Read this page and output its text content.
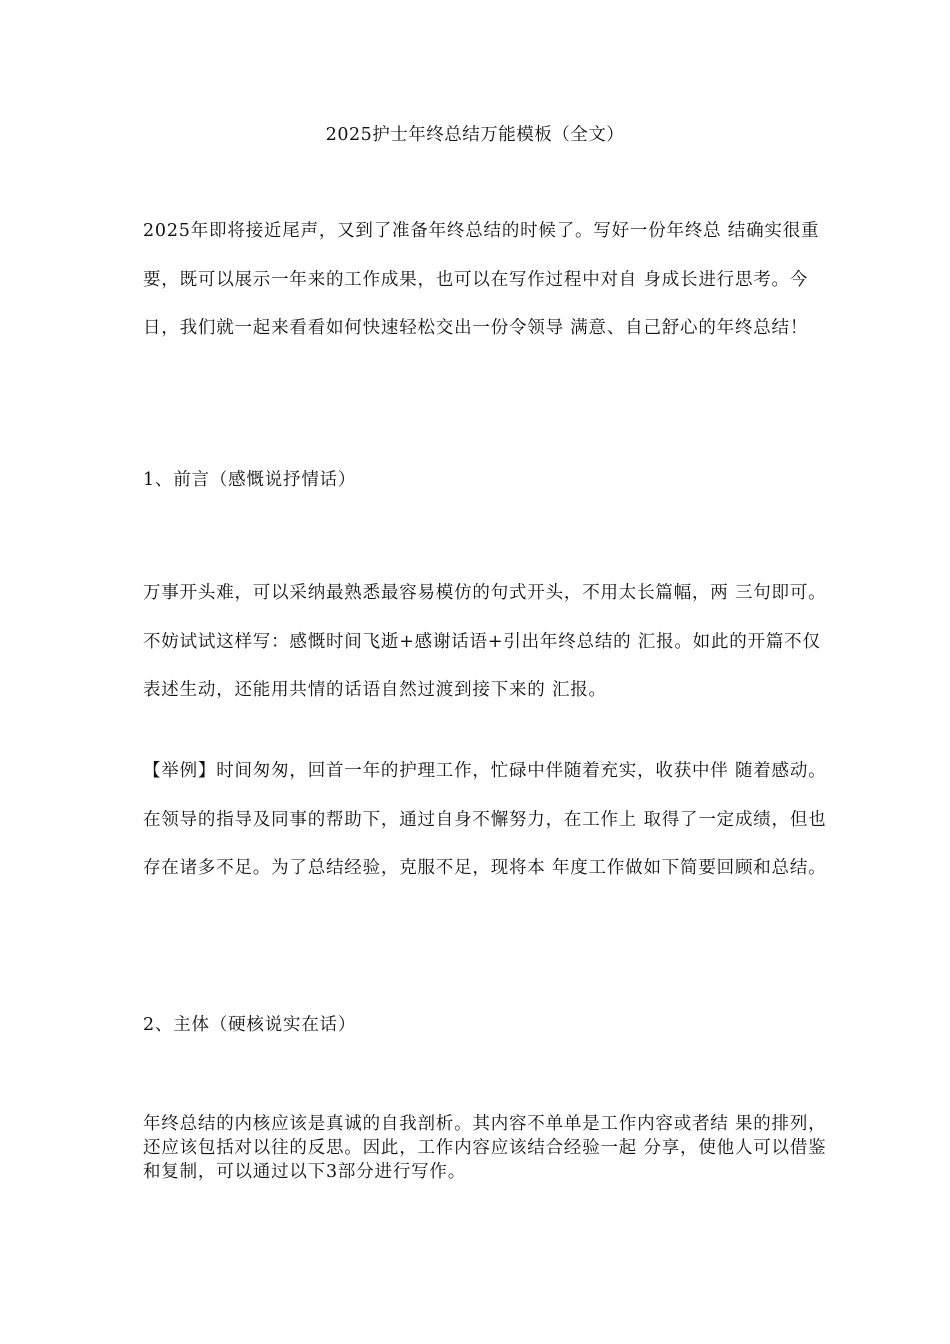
2025护士年终总结万能模板（全文）

2025年即将接近尾声，又到了准备年终总结的时候了。写好一份年终总 结确实很重要，既可以展示一年来的工作成果，也可以在写作过程中对自 身成长进行思考。今日，我们就一起来看看如何快速轻松交出一份令领导 满意、自己舒心的年终总结！

1、前言（感慨说抒情话）

万事开头难，可以采纳最熟悉最容易模仿的句式开头，不用太长篇幅，两 三句即可。不妨试试这样写：感慨时间飞逝+感谢话语+引出年终总结的 汇报。如此的开篇不仅表述生动，还能用共情的话语自然过渡到接下来的 汇报。

【举例】时间匆匆，回首一年的护理工作，忙碌中伴随着充实，收获中伴 随着感动。在领导的指导及同事的帮助下，通过自身不懈努力，在工作上 取得了一定成绩，但也存在诸多不足。为了总结经验，克服不足，现将本 年度工作做如下简要回顾和总结。

2、主体（硬核说实在话）

年终总结的内核应该是真诚的自我剖析。其内容不单单是工作内容或者结 果的排列，还应该包括对以往的反思。因此，工作内容应该结合经验一起 分享，使他人可以借鉴和复制，可以通过以下3部分进行写作。
